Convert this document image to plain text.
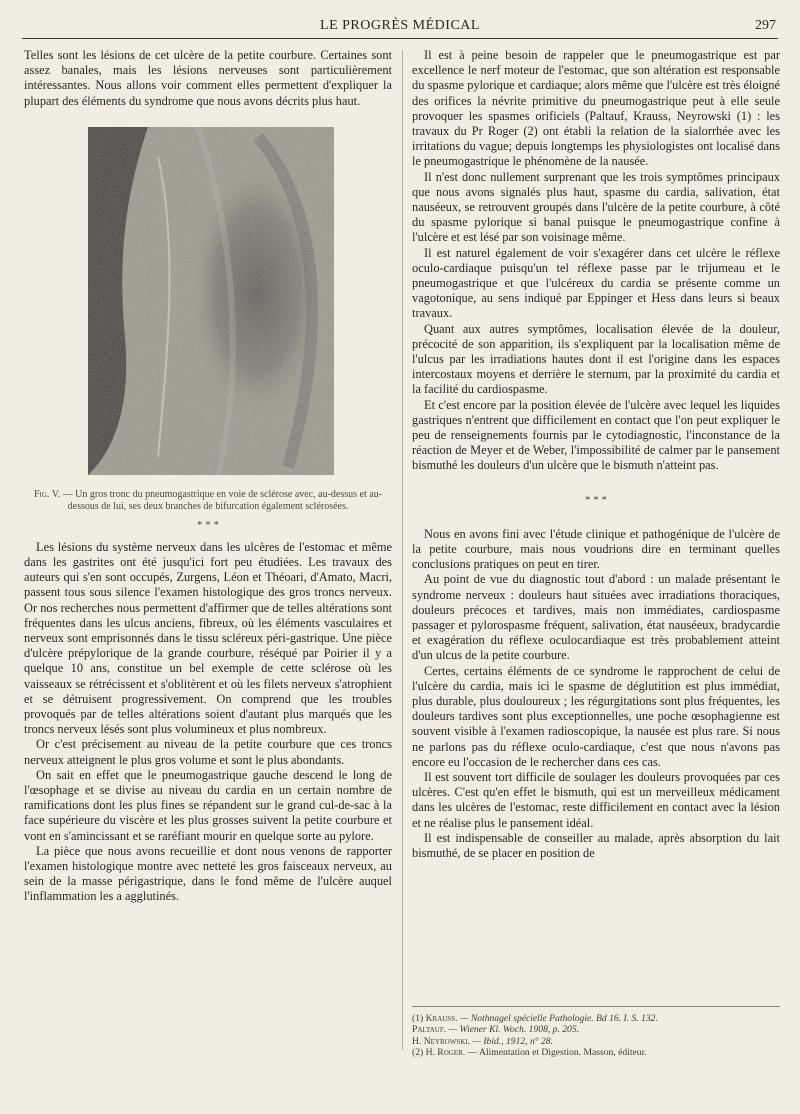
LE PROGRÈS MÉDICAL	297

Telles sont les lésions de cet ulcère de la petite courbure. Certaines sont assez banales, mais les lésions nerveuses sont particulièrement intéressantes. Nous allons voir comment elles permettent d'expliquer la plupart des éléments du syndrome que nous avons décrits plus haut.

Fig. V. — Un gros tronc du pneumogastrique en voie de sclérose avec, au-dessus et au-dessous de lui, ses deux branches de bifurcation également sclérosées.
* * *

Les lésions du système nerveux dans les ulcères de l'estomac et même dans les gastrites ont été jusqu'ici fort peu étudiées. Les travaux des auteurs qui s'en sont occupés, Zurgens, Léon et Théoari, d'Amato, Macri, passent tous sous silence l'examen histologique des gros troncs nerveux. Or nos recherches nous permettent d'affirmer que de telles altérations sont fréquentes dans les ulcus anciens, fibreux, où les éléments vasculaires et nerveux sont emprisonnés dans le tissu scléreux péri-gastrique. Une pièce d'ulcère prépylorique de la grande courbure, réséqué par Poirier il y a quelque 10 ans, constitue un bel exemple de cette sclérose où les vaisseaux se rétrécissent et s'oblitèrent et où les filets nerveux s'atrophient et se détruisent progressivement. On comprend que les troubles provoqués par de telles altérations soient d'autant plus marqués que les troncs nerveux lésés sont plus volumineux et plus nombreux.

Or c'est précisement au niveau de la petite courbure que ces troncs nerveux atteignent le plus gros volume et sont le plus abondants.

On sait en effet que le pneumogastrique gauche descend le long de l'œsophage et se divise au niveau du cardia en un certain nombre de ramifications dont les plus fines se répandent sur le grand cul-de-sac à la face supérieure du viscère et les plus grosses suivent la petite courbure et vont en s'amincissant et se raréfiant mourir en quelque sorte au pylore.

La pièce que nous avons recueillie et dont nous venons de rapporter l'examen histologique montre avec netteté les gros faisceaux nerveux, au sein de la masse périgastrique, dans le fond même de l'ulcère auquel l'inflammation les a agglutinés.

Il est à peine besoin de rappeler que le pneumogastrique est par excellence le nerf moteur de l'estomac, que son altération est responsable du spasme pylorique et cardiaque; alors même que l'ulcère est très éloigné des orifices la névrite primitive du pneumogastrique peut à elle seule provoquer les spasmes orificiels (Paltauf, Krauss, Neyrowski (1) : les travaux du Pr Roger (2) ont établi la relation de la sialorrhée avec les irritations du vague; depuis longtemps les physiologistes ont localisé dans le pneumogastrique le phénomène de la nausée.

Il n'est donc nullement surprenant que les trois symptômes principaux que nous avons signalés plus haut, spasme du cardia, salivation, état nauséeux, se retrouvent groupés dans l'ulcère de la petite courbure, à côté du spasme pylorique si banal puisque le pneumogastrique confine à l'ulcère et est lésé par son voisinage même.

Il est naturel également de voir s'exagérer dans cet ulcère le réflexe oculo-cardiaque puisqu'un tel réflexe passe par le trijumeau et le pneumogastrique et que l'ulcéreux du cardia se présente comme un vagotonique, au sens indiqué par Eppinger et Hess dans leurs si beaux travaux.

Quant aux autres symptômes, localisation élevée de la douleur, précocité de son apparition, ils s'expliquent par la localisation même de l'ulcus par les irradiations hautes dont il est l'origine dans les espaces intercostaux moyens et derrière le sternum, par la proximité du cardia et la facilité du cardiospasme.

Et c'est encore par la position élevée de l'ulcère avec lequel les liquides gastriques n'entrent que difficilement en contact que l'on peut expliquer le peu de renseignements fournis par le cytodiagnostic, l'inconstance de la réaction de Meyer et de Weber, l'impossibilité de calmer par le pansement bismuthé les douleurs d'un ulcère que le bismuth n'atteint pas.

* * *

Nous en avons fini avec l'étude clinique et pathogénique de l'ulcère de la petite courbure, mais nous voudrions dire en terminant quelles conclusions pratiques on peut en tirer.

Au point de vue du diagnostic tout d'abord : un malade présentant le syndrome nerveux : douleurs haut situées avec irradiations thoraciques, douleurs précoces et tardives, mais non immédiates, cardiospasme passager et pylorospasme fréquent, salivation, état nauséeux, bradycardie et exagération du réflexe oculocardiaque est très probablement atteint d'un ulcus de la petite courbure.

Certes, certains éléments de ce syndrome le rapprochent de celui de l'ulcère du cardia, mais ici le spasme de déglutition est plus immédiat, plus durable, plus douloureux ; les régurgitations sont plus fréquentes, les douleurs tardives sont plus exceptionnelles, une poche œsophagienne est souvent visible à l'examen radioscopique, la nausée est plus rare. Si nous ne parlons pas du réflexe oculo-cardiaque, c'est que nous n'avons pas encore eu l'occasion de le rechercher dans ces cas.

Il est souvent tort difficile de soulager les douleurs provoquées par ces ulcères. C'est qu'en effet le bismuth, qui est un merveilleux médicament dans les ulcères de l'estomac, reste difficilement en contact avec la lésion et ne réalise plus le pansement idéal.

Il est indispensable de conseiller au malade, après absorption du lait bismuthé, de se placer en position de

(1) Krauss. — Nothnagel spécielle Pathologie. Bd 16. I. S. 132.
Paltauf. — Wiener Kl. Woch. 1908, p. 205.
H. Neyrowski. — Ibid., 1912, n° 28.
(2) H. Roger. — Alimentation et Digestion. Masson, éditeur.
